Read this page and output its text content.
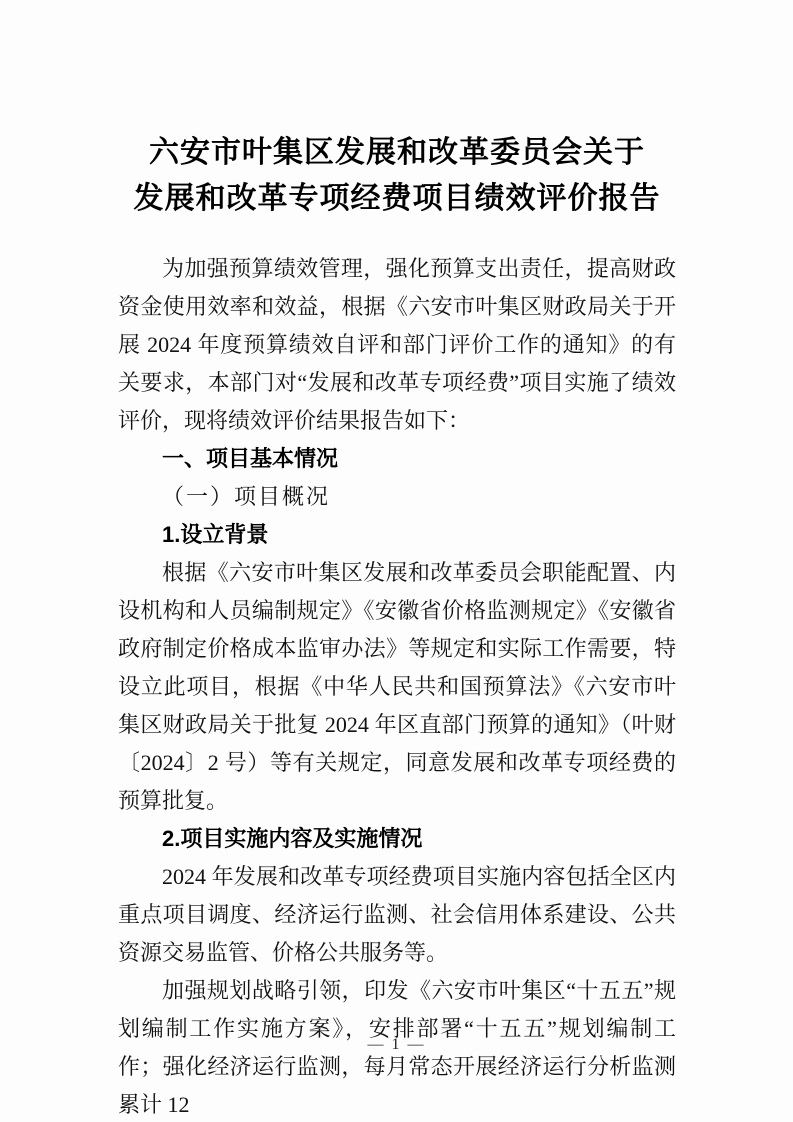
六安市叶集区发展和改革委员会关于
发展和改革专项经费项目绩效评价报告

为加强预算绩效管理，强化预算支出责任，提高财政资金使用效率和效益，根据《六安市叶集区财政局关于开展 2024 年度预算绩效自评和部门评价工作的通知》的有关要求，本部门对“发展和改革专项经费”项目实施了绩效评价，现将绩效评价结果报告如下：

一、项目基本情况
（一）项目概况
1.设立背景

根据《六安市叶集区发展和改革委员会职能配置、内设机构和人员编制规定》《安徽省价格监测规定》《安徽省政府制定价格成本监审办法》等规定和实际工作需要，特设立此项目，根据《中华人民共和国预算法》《六安市叶集区财政局关于批复 2024 年区直部门预算的通知》（叶财〔2024〕2 号）等有关规定，同意发展和改革专项经费的预算批复。

2.项目实施内容及实施情况

2024 年发展和改革专项经费项目实施内容包括全区内重点项目调度、经济运行监测、社会信用体系建设、公共资源交易监管、价格公共服务等。

加强规划战略引领，印发《六安市叶集区“十五五”规划编制工作实施方案》，安排部署“十五五”规划编制工作；强化经济运行监测，每月常态开展经济运行分析监测累计 12

— 1 —
